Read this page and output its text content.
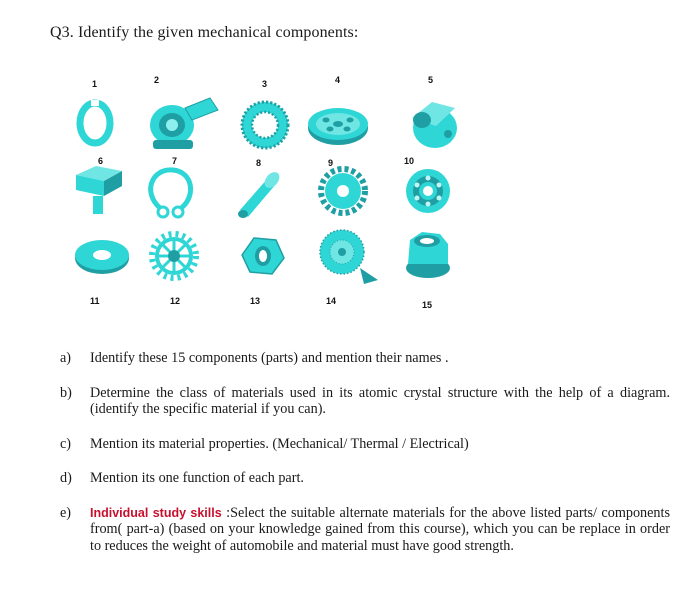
Q3. Identify the given mechanical components:
1	2	3	4	5
6	7	8	9	10
11	12	13	14	15
a)	Identify these 15 components (parts) and mention their names .
b)	Determine the class of materials used in its atomic crystal structure with the help of a diagram. (identify the specific material if you can).
c)	Mention its material properties. (Mechanical/ Thermal / Electrical)
d)	Mention its one function of each part.
e)	Individual study skills :Select the suitable alternate materials for the above listed parts/ components from( part-a) (based on your knowledge gained from this course), which you can be replace in order to reduces the weight of automobile and material must have good strength.
